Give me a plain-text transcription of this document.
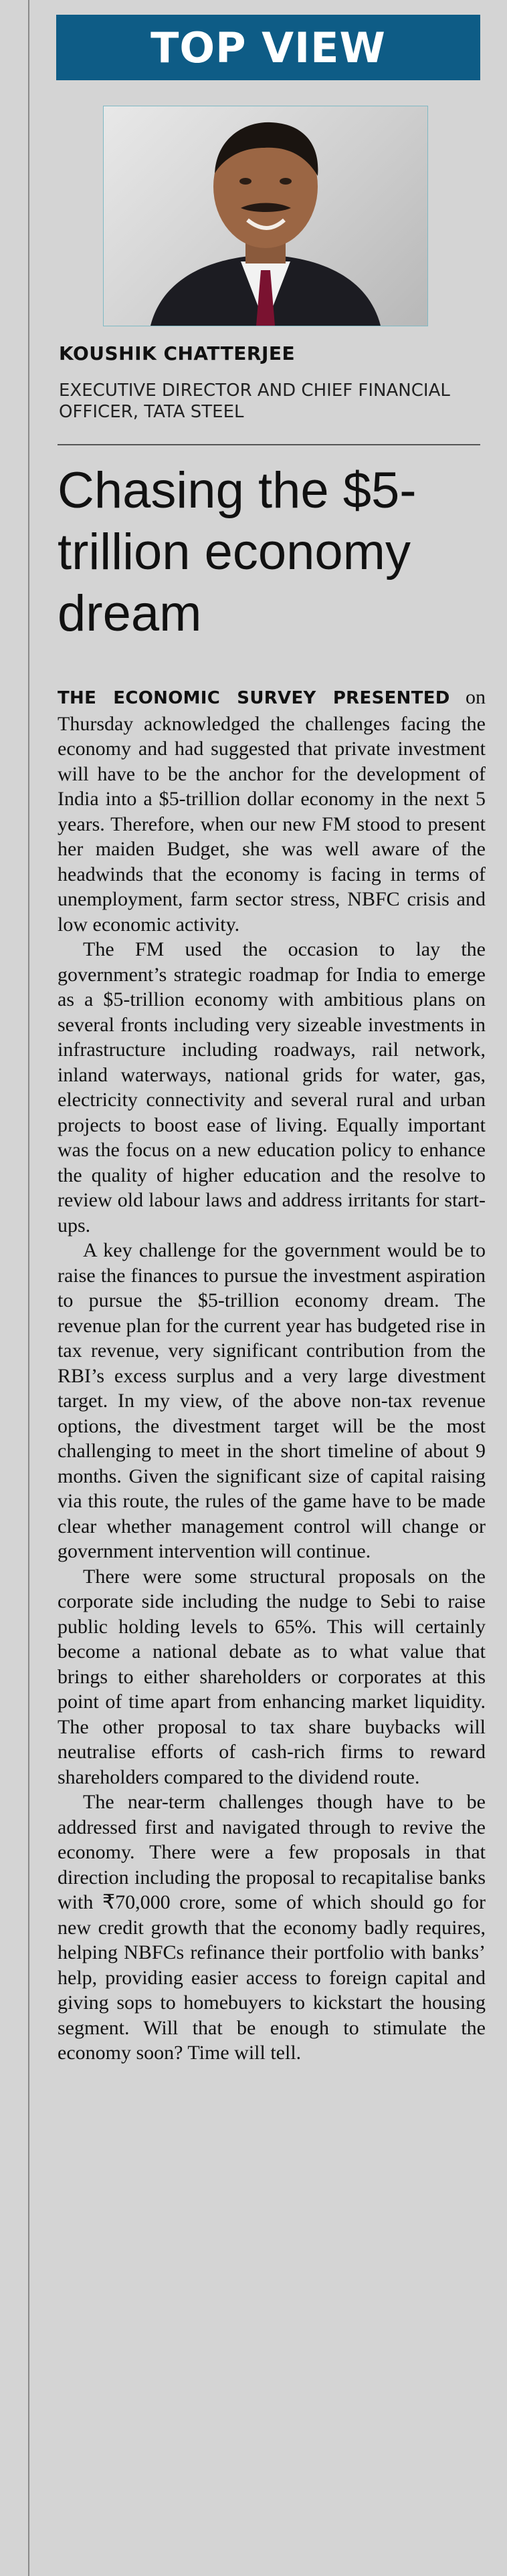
TOP VIEW
KOUSHIK CHATTERJEE
EXECUTIVE DIRECTOR AND CHIEF FINANCIAL OFFICER, TATA STEEL
Chasing the $5-trillion economy dream

THE ECONOMIC SURVEY PRESENTED on Thursday acknowledged the challenges facing the economy and had suggested that private investment will have to be the anchor for the development of India into a $5-trillion dollar economy in the next 5 years. Therefore, when our new FM stood to present her maiden Budget, she was well aware of the headwinds that the economy is facing in terms of unemployment, farm sector stress, NBFC crisis and low economic activity.

The FM used the occasion to lay the government’s strategic roadmap for India to emerge as a $5-trillion economy with ambitious plans on several fronts including very sizeable investments in infrastructure including roadways, rail network, inland waterways, national grids for water, gas, electricity connectivity and several rural and urban projects to boost ease of living. Equally important was the focus on a new education policy to enhance the quality of higher education and the resolve to review old labour laws and address irritants for start-ups.

A key challenge for the government would be to raise the finances to pursue the investment aspiration to pursue the $5-trillion economy dream. The revenue plan for the current year has budgeted rise in tax revenue, very significant contribution from the RBI’s excess surplus and a very large divestment target. In my view, of the above non-tax revenue options, the divestment target will be the most challenging to meet in the short timeline of about 9 months. Given the significant size of capital raising via this route, the rules of the game have to be made clear whether management control will change or government intervention will continue.

There were some structural proposals on the corporate side including the nudge to Sebi to raise public holding levels to 65%. This will certainly become a national debate as to what value that brings to either shareholders or corporates at this point of time apart from enhancing market liquidity. The other proposal to tax share buybacks will neutralise efforts of cash-rich firms to reward shareholders compared to the dividend route.

The near-term challenges though have to be addressed first and navigated through to revive the economy. There were a few proposals in that direction including the proposal to recapitalise banks with ₹70,000 crore, some of which should go for new credit growth that the economy badly requires, helping NBFCs refinance their portfolio with banks’ help, providing easier access to foreign capital and giving sops to homebuyers to kickstart the housing segment. Will that be enough to stimulate the economy soon? Time will tell.
